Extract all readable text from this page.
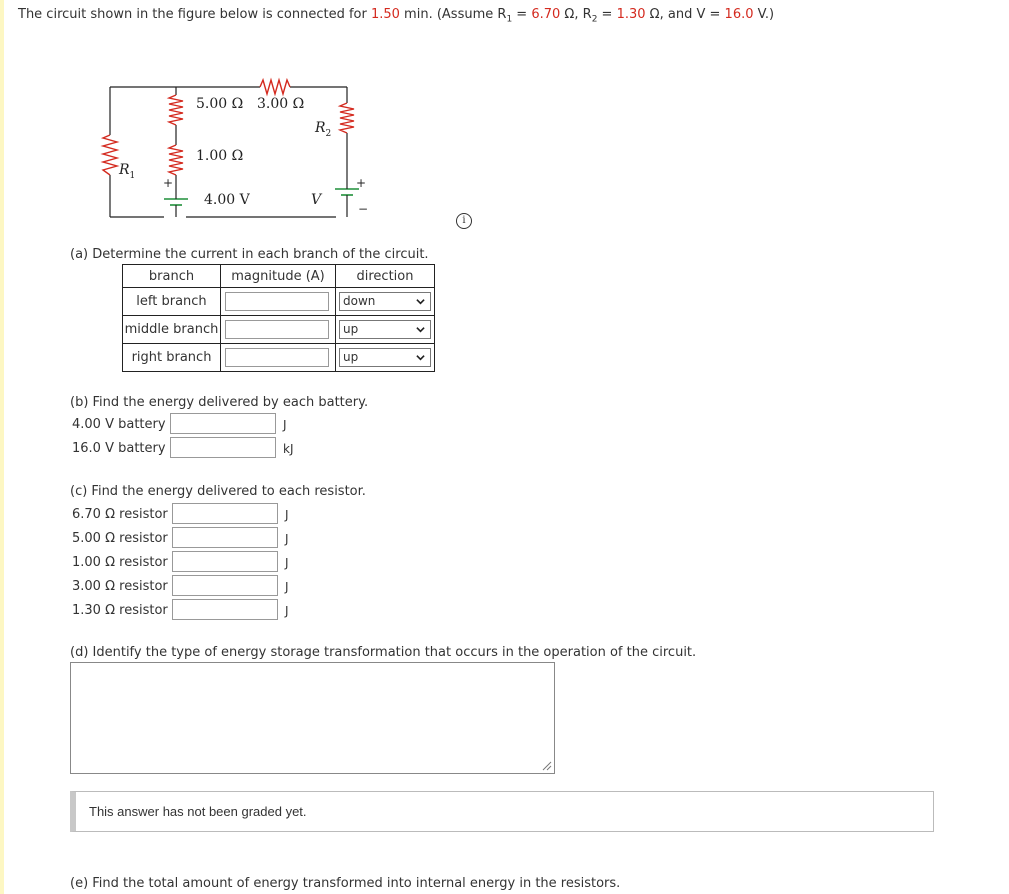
The circuit shown in the figure below is connected for 1.50 min. (Assume $R_1 = 6.70$ Ω, $R_2 = 1.30$ Ω, and V = 16.0 V.)
5.00 Ω 3.00 Ω
$R_2$
1.00 Ω
$R_1$
+
4.00 V	V
+
−
i
(a) Determine the current in each branch of the circuit.
branch	magnitude (A)	direction
left branch		down

middle branch		up

right branch		up
(b) Find the energy delivered by each battery.
4.00 V battery	J
16.0 V battery	kJ
(c) Find the energy delivered to each resistor.
6.70 Ω resistor	J
5.00 Ω resistor	J
1.00 Ω resistor	J
3.00 Ω resistor	J
1.30 Ω resistor	J
(d) Identify the type of energy storage transformation that occurs in the operation of the circuit.
This answer has not been graded yet.
(e) Find the total amount of energy transformed into internal energy in the resistors.
